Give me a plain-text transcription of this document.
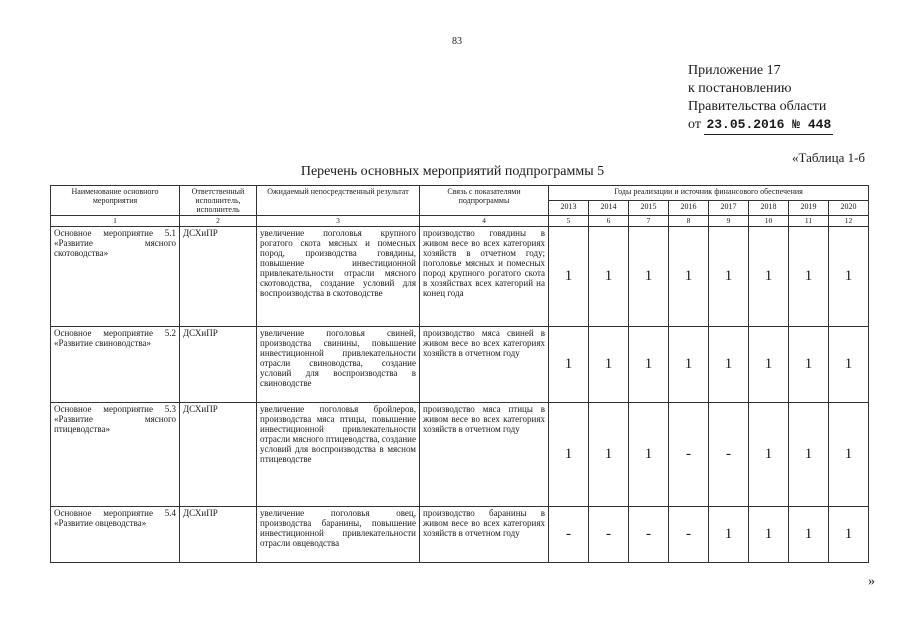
83
Приложение 17
к постановлению
Правительства области
от 23.05.2016 № 448
«Таблица 1-б
Перечень основных мероприятий подпрограммы 5
Наименование основного мероприятия	Ответственный исполнитель, исполнитель	Ожидаемый непосредственный результат	Связь с показателями подпрограммы	Годы реализации и источник финансового обеспечения							
				2013	2014	2015	2016	2017	2018	2019	2020
1	2	3	4	5	6	7	8	9	10	11	12
Основное мероприятие 5.1 «Развитие мясного скотоводства»	ДСХиПР	увеличение поголовья крупного рогатого скота мясных и помесных пород, производства говядины, повышение инвестиционной привлекательности отрасли мясного скотоводства, создание условий для воспроизводства в скотоводстве	производство говядины в живом весе во всех категориях хозяйств в отчетном году; поголовье мясных и помесных пород крупного рогатого скота в хозяйствах всех категорий на конец года	1	1	1	1	1	1	1	1
Основное мероприятие 5.2 «Развитие свиноводства»	ДСХиПР	увеличение поголовья свиней, производства свинины, повышение инвестиционной привлекательности отрасли свиноводства, создание условий для воспроизводства в свиноводстве	производство мяса свиней в живом весе во всех категориях хозяйств в отчетном году	1	1	1	1	1	1	1	1
Основное мероприятие 5.3 «Развитие мясного птицеводства»	ДСХиПР	увеличение поголовья бройлеров, производства мяса птицы, повышение инвестиционной привлекательности отрасли мясного птицеводства, создание условий для воспроизводства в мясном птицеводстве	производство мяса птицы в живом весе во всех категориях хозяйств в отчетном году	1	1	1	-	-	1	1	1
Основное мероприятие 5.4 «Развитие овцеводства»	ДСХиПР	увеличение поголовья овец, производства баранины, повышение инвестиционной привлекательности отрасли овцеводства	производство баранины в живом весе во всех категориях хозяйств в отчетном году	-	-	-	-	1	1	1	1
»
